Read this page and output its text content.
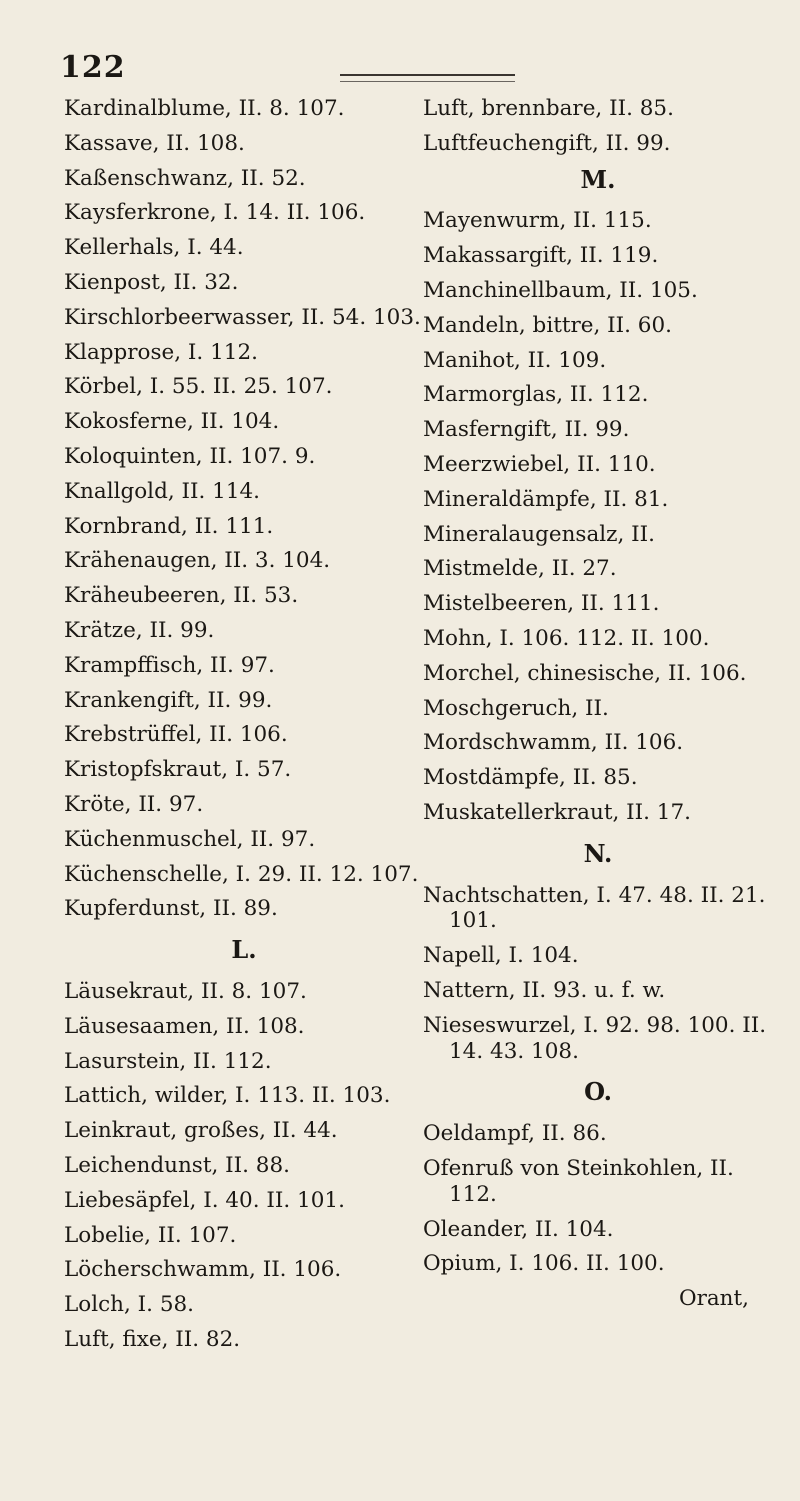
122
Kardinalblume, II. 8. 107.
Kassave, II. 108.
Kaßenschwanz, II. 52.
Kaysferkrone, I. 14. II. 106.
Kellerhals, I. 44.
Kienpost, II. 32.
Kirschlorbeerwasser, II. 54. 103.
Klapprose, I. 112.
Körbel, I. 55. II. 25. 107.
Kokosferne, II. 104.
Koloquinten, II. 107. 9.
Knallgold, II. 114.
Kornbrand, II. 111.
Krähenaugen, II. 3. 104.
Kräheubeeren, II. 53.
Krätze, II. 99.
Krampffisch, II. 97.
Krankengift, II. 99.
Krebstrüffel, II. 106.
Kristopfskraut, I. 57.
Kröte, II. 97.
Küchenmuschel, II. 97.
Küchenschelle, I. 29. II. 12. 107.
Kupferdunst, II. 89.
L.
Läusekraut, II. 8. 107.
Läusesaamen, II. 108.
Lasurstein, II. 112.
Lattich, wilder, I. 113. II. 103.
Leinkraut, großes, II. 44.
Leichendunst, II. 88.
Liebesäpfel, I. 40. II. 101.
Lobelie, II. 107.
Löcherschwamm, II. 106.
Lolch, I. 58.
Luft, fixe, II. 82.
Luft, brennbare, II. 85.
Luftfeuchengift, II. 99.
M.
Mayenwurm, II. 115.
Makassargift, II. 119.
Manchinellbaum, II. 105.
Mandeln, bittre, II. 60.
Manihot, II. 109.
Marmorglas, II. 112.
Masferngift, II. 99.
Meerzwiebel, II. 110.
Mineraldämpfe, II. 81.
Mineralaugensalz, II.
Mistmelde, II. 27.
Mistelbeeren, II. 111.
Mohn, I. 106. 112. II. 100.
Morchel, chinesische, II. 106.
Moschgeruch, II.
Mordschwamm, II. 106.
Mostdämpfe, II. 85.
Muskatellerkraut, II. 17.
N.
Nachtschatten, I. 47. 48. II. 21. 101.
Napell, I. 104.
Nattern, II. 93. u. f. w.
Nieseswurzel, I. 92. 98. 100. II. 14. 43. 108.
O.
Oeldampf, II. 86.
Ofenruß von Steinkohlen, II. 112.
Oleander, II. 104.
Opium, I. 106. II. 100.
Orant,
